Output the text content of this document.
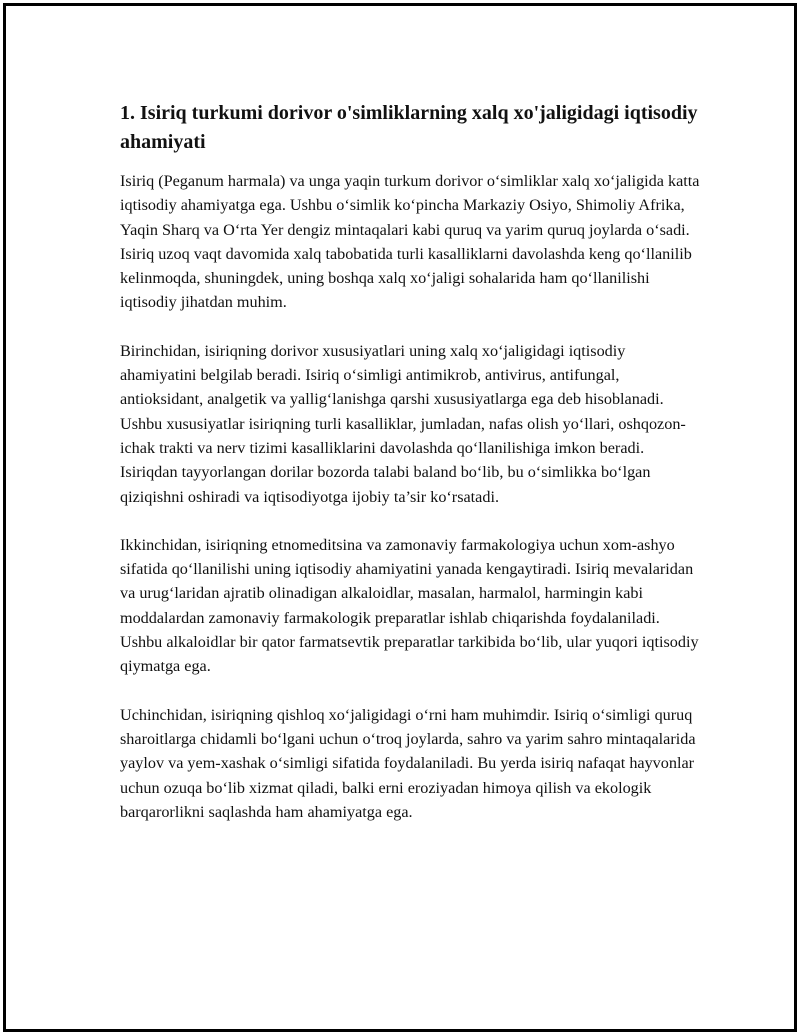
1. Isiriq turkumi dorivor o'simliklarning xalq xo'jaligidagi iqtisodiy ahamiyati

Isiriq (Peganum harmala) va unga yaqin turkum dorivor o‘simliklar xalq xo‘jaligida katta iqtisodiy ahamiyatga ega. Ushbu o‘simlik ko‘pincha Markaziy Osiyo, Shimoliy Afrika, Yaqin Sharq va O‘rta Yer dengiz mintaqalari kabi quruq va yarim quruq joylarda o‘sadi. Isiriq uzoq vaqt davomida xalq tabobatida turli kasalliklarni davolashda keng qo‘llanilib kelinmoqda, shuningdek, uning boshqa xalq xo‘jaligi sohalarida ham qo‘llanilishi iqtisodiy jihatdan muhim.

Birinchidan, isiriqning dorivor xususiyatlari uning xalq xo‘jaligidagi iqtisodiy ahamiyatini belgilab beradi. Isiriq o‘simligi antimikrob, antivirus, antifungal, antioksidant, analgetik va yallig‘lanishga qarshi xususiyatlarga ega deb hisoblanadi. Ushbu xususiyatlar isiriqning turli kasalliklar, jumladan, nafas olish yo‘llari, oshqozon-ichak trakti va nerv tizimi kasalliklarini davolashda qo‘llanilishiga imkon beradi. Isiriqdan tayyorlangan dorilar bozorda talabi baland bo‘lib, bu o‘simlikka bo‘lgan qiziqishni oshiradi va iqtisodiyotga ijobiy ta’sir ko‘rsatadi.

Ikkinchidan, isiriqning etnomeditsina va zamonaviy farmakologiya uchun xom-ashyo sifatida qo‘llanilishi uning iqtisodiy ahamiyatini yanada kengaytiradi. Isiriq mevalaridan va urug‘laridan ajratib olinadigan alkaloidlar, masalan, harmalol, harmingin kabi moddalardan zamonaviy farmakologik preparatlar ishlab chiqarishda foydalaniladi. Ushbu alkaloidlar bir qator farmatsevtik preparatlar tarkibida bo‘lib, ular yuqori iqtisodiy qiymatga ega.

Uchinchidan, isiriqning qishloq xo‘jaligidagi o‘rni ham muhimdir. Isiriq o‘simligi quruq sharoitlarga chidamli bo‘lgani uchun o‘troq joylarda, sahro va yarim sahro mintaqalarida yaylov va yem-xashak o‘simligi sifatida foydalaniladi. Bu yerda isiriq nafaqat hayvonlar uchun ozuqa bo‘lib xizmat qiladi, balki erni eroziyadan himoya qilish va ekologik barqarorlikni saqlashda ham ahamiyatga ega.
